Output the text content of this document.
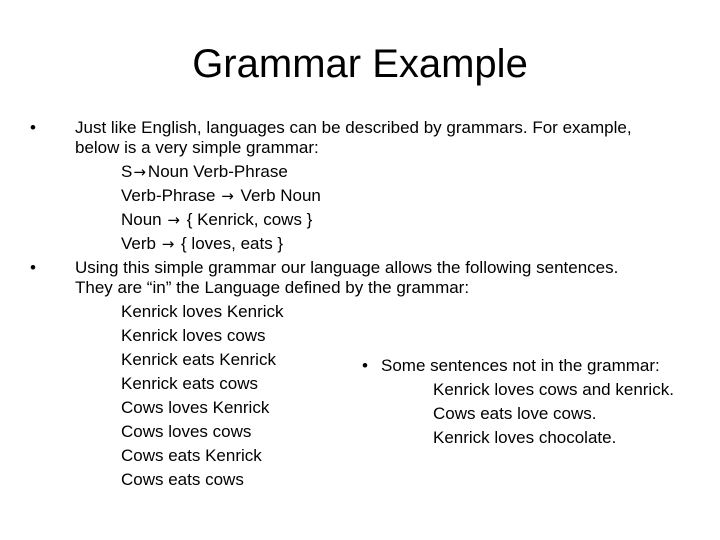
Grammar Example
• Just like English, languages can be described by grammars. For example,
below is a very simple grammar:
S→ Noun Verb-Phrase
Verb-Phrase → Verb Noun
Noun → { Kenrick, cows }
Verb → { loves, eats }
• Using this simple grammar our language allows the following sentences.
They are “in” the Language defined by the grammar:
Kenrick loves Kenrick
Kenrick loves cows
Kenrick eats Kenrick
Kenrick eats cows
Cows loves Kenrick
Cows loves cows
Cows eats Kenrick
Cows eats cows
• Some sentences not in the grammar:
Kenrick loves cows and kenrick.
Cows eats love cows.
Kenrick loves chocolate.
